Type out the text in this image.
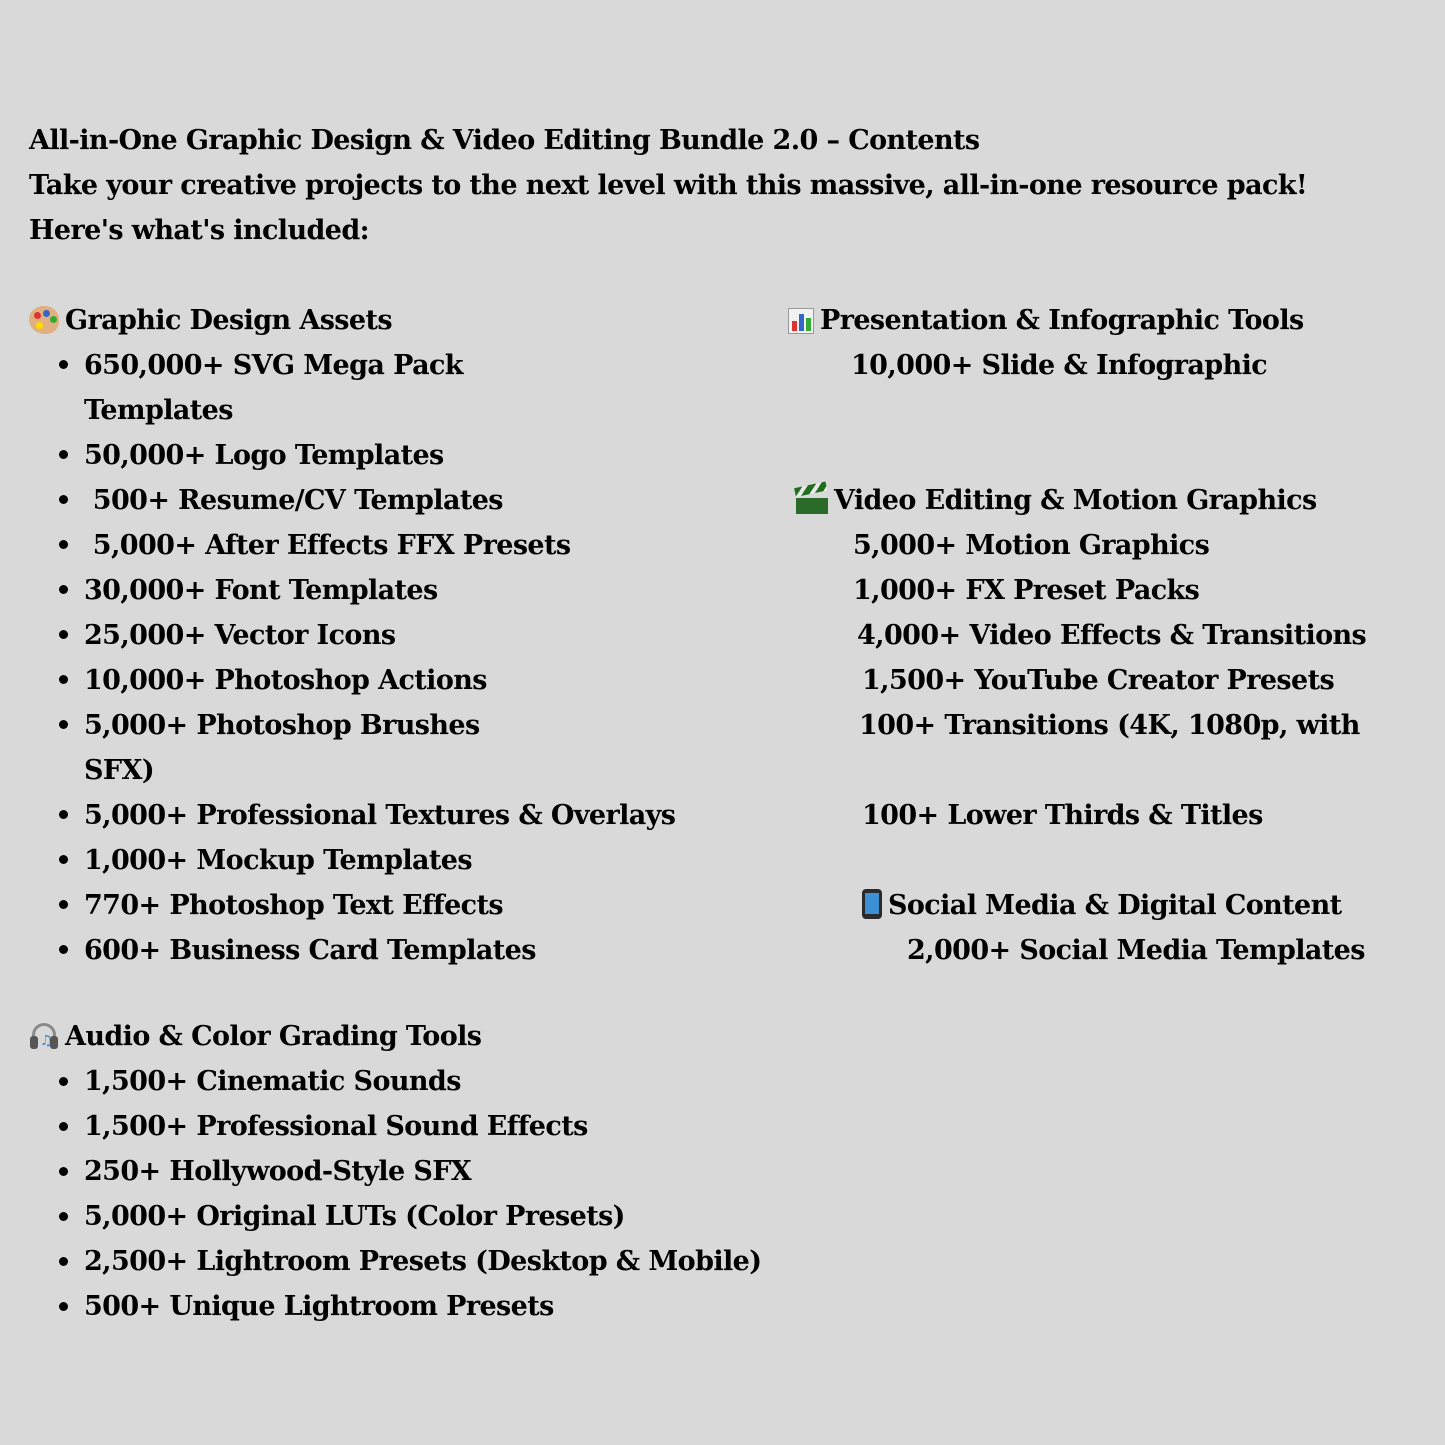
All-in-One Graphic Design & Video Editing Bundle 2.0 – Contents
Take your creative projects to the next level with this massive, all-in-one resource pack!
Here's what's included:
Graphic Design Assets
650,000+ SVG Mega Pack
Templates
50,000+ Logo Templates
500+ Resume/CV Templates
5,000+ After Effects FFX Presets
30,000+ Font Templates
25,000+ Vector Icons
10,000+ Photoshop Actions
5,000+ Photoshop Brushes
SFX)
5,000+ Professional Textures & Overlays
1,000+ Mockup Templates
770+ Photoshop Text Effects
600+ Business Card Templates
♫ Audio & Color Grading Tools
1,500+ Cinematic Sounds
1,500+ Professional Sound Effects
250+ Hollywood-Style SFX
5,000+ Original LUTs (Color Presets)
2,500+ Lightroom Presets (Desktop & Mobile)
500+ Unique Lightroom Presets
Presentation & Infographic Tools
10,000+ Slide & Infographic
Video Editing & Motion Graphics
5,000+ Motion Graphics
1,000+ FX Preset Packs
4,000+ Video Effects & Transitions
1,500+ YouTube Creator Presets
100+ Transitions (4K, 1080p, with
100+ Lower Thirds & Titles
Social Media & Digital Content
2,000+ Social Media Templates
